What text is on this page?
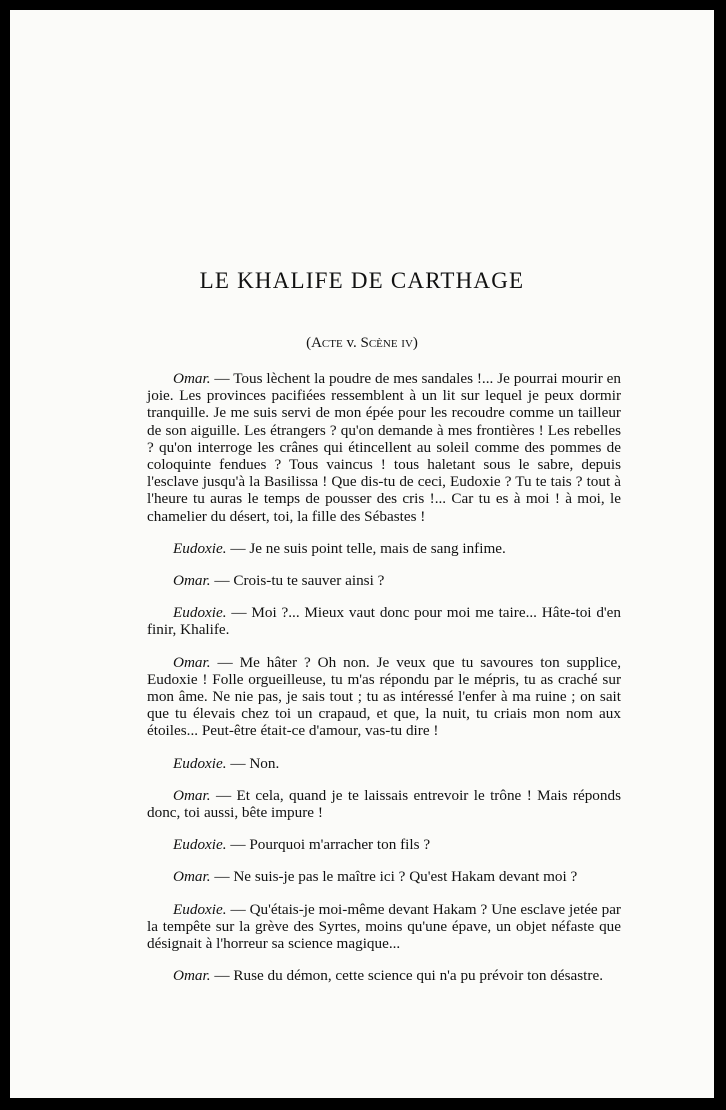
LE KHALIFE DE CARTHAGE
(Acte v. Scène iv)

Omar. — Tous lèchent la poudre de mes sandales !... Je pourrai mourir en joie. Les provinces pacifiées ressemblent à un lit sur lequel je peux dormir tranquille. Je me suis servi de mon épée pour les recoudre comme un tailleur de son aiguille. Les étrangers ? qu'on demande à mes frontières ! Les rebelles ? qu'on interroge les crânes qui étincellent au soleil comme des pommes de coloquinte fendues ? Tous vaincus ! tous haletant sous le sabre, depuis l'esclave jusqu'à la Basilissa ! Que dis-tu de ceci, Eudoxie ? Tu te tais ? tout à l'heure tu auras le temps de pousser des cris !... Car tu es à moi ! à moi, le chamelier du désert, toi, la fille des Sébastes !

Eudoxie. — Je ne suis point telle, mais de sang infime.

Omar. — Crois-tu te sauver ainsi ?

Eudoxie. — Moi ?... Mieux vaut donc pour moi me taire... Hâte-toi d'en finir, Khalife.

Omar. — Me hâter ? Oh non. Je veux que tu savoures ton supplice, Eudoxie ! Folle orgueilleuse, tu m'as répondu par le mépris, tu as craché sur mon âme. Ne nie pas, je sais tout ; tu as intéressé l'enfer à ma ruine ; on sait que tu élevais chez toi un crapaud, et que, la nuit, tu criais mon nom aux étoiles... Peut-être était-ce d'amour, vas-tu dire !

Eudoxie. — Non.

Omar. — Et cela, quand je te laissais entrevoir le trône ! Mais réponds donc, toi aussi, bête impure !

Eudoxie. — Pourquoi m'arracher ton fils ?

Omar. — Ne suis-je pas le maître ici ? Qu'est Hakam devant moi ?

Eudoxie. — Qu'étais-je moi-même devant Hakam ? Une esclave jetée par la tempête sur la grève des Syrtes, moins qu'une épave, un objet néfaste que désignait à l'horreur sa science magique...

Omar. — Ruse du démon, cette science qui n'a pu prévoir ton désastre.
